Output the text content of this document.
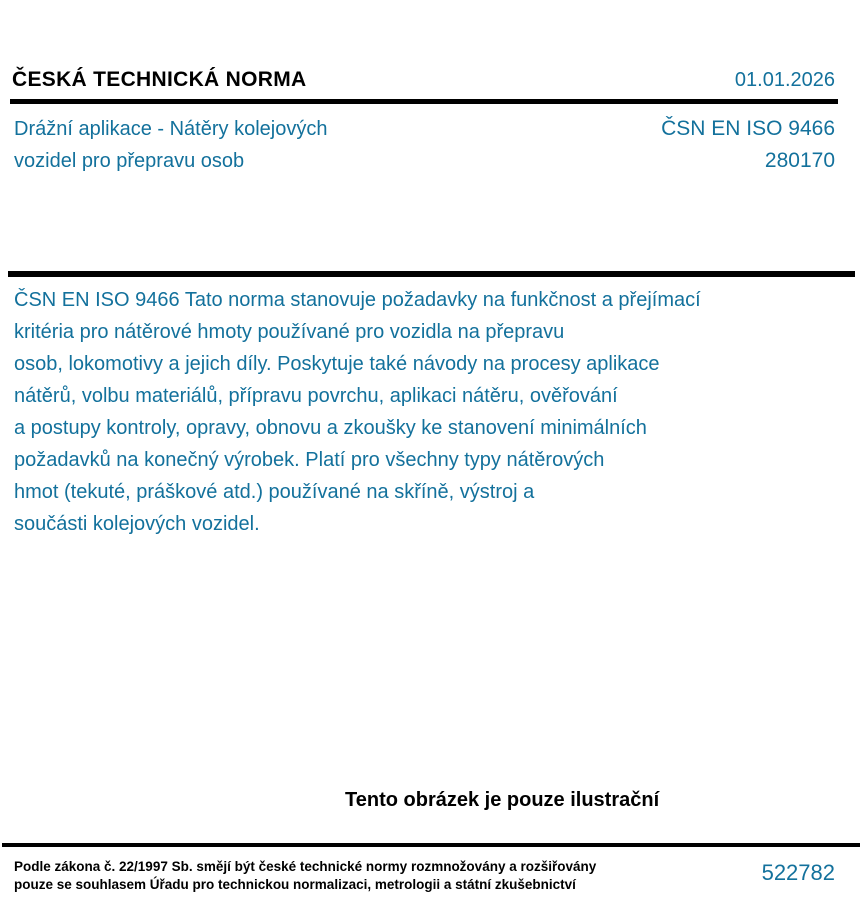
ČESKÁ TECHNICKÁ NORMA	01.01.2026
Drážní aplikace - Nátěry kolejových
vozidel pro přepravu osob
ČSN EN ISO 9466
280170
ČSN EN ISO 9466 Tato norma stanovuje požadavky na funkčnost a přejímací
kritéria pro nátěrové hmoty používané pro vozidla na přepravu
osob, lokomotivy a jejich díly. Poskytuje také návody na procesy aplikace
nátěrů, volbu materiálů, přípravu povrchu, aplikaci nátěru, ověřování
a postupy kontroly, opravy, obnovu a zkoušky ke stanovení minimálních
požadavků na konečný výrobek. Platí pro všechny typy nátěrových
hmot (tekuté, práškové atd.) používané na skříně, výstroj a
součásti kolejových vozidel.
Tento obrázek je pouze ilustrační
Podle zákona č. 22/1997 Sb. smějí být české technické normy rozmnožovány a rozšiřovány
pouze se souhlasem Úřadu pro technickou normalizaci, metrologii a státní zkušebnictví	522782
